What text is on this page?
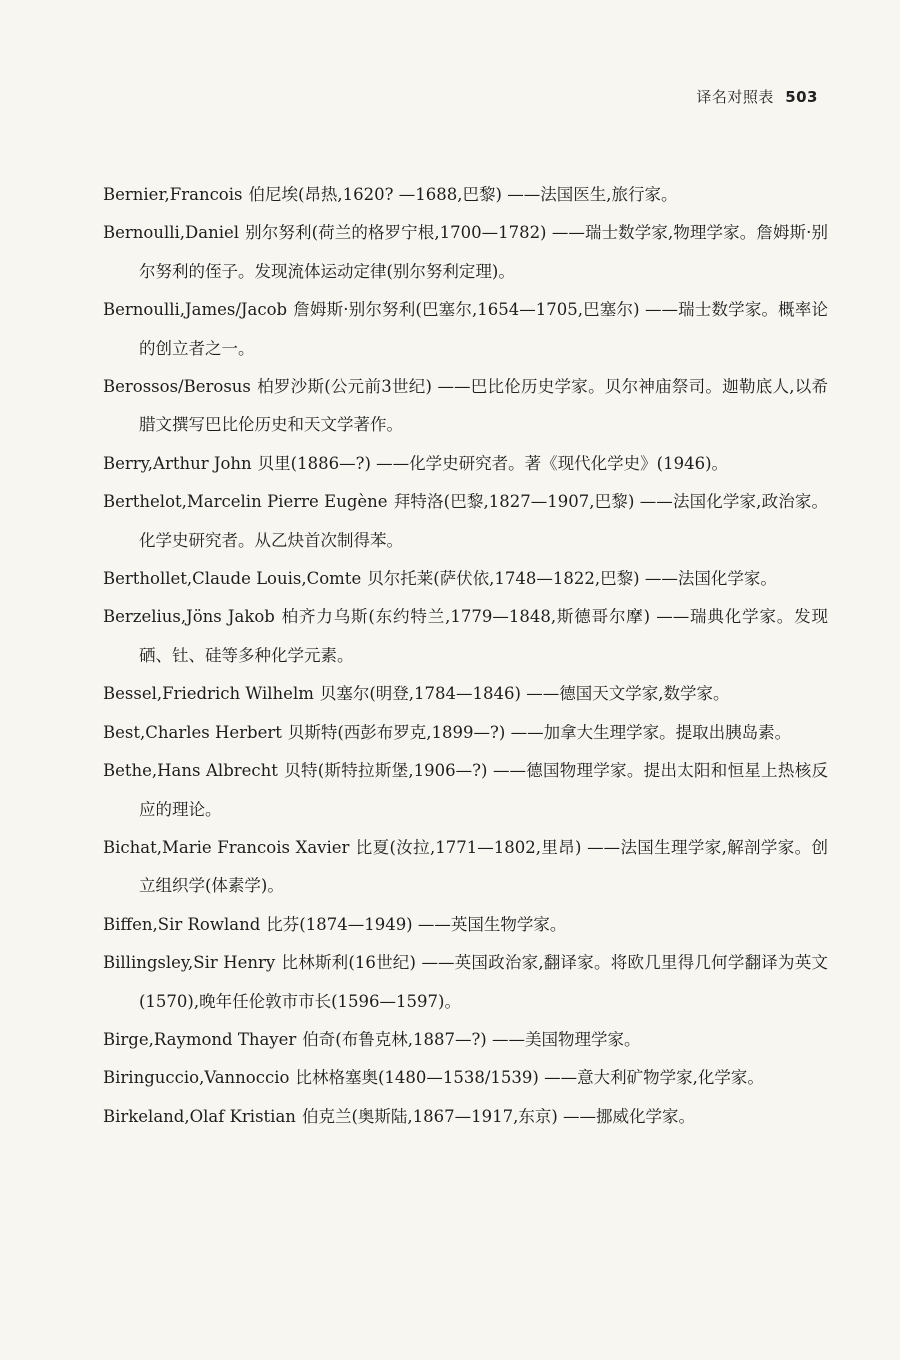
译名对照表 503
Bernier,Francois 伯尼埃(昂热,1620? —1688,巴黎) ——法国医生,旅行家。
Bernoulli,Daniel 别尔努利(荷兰的格罗宁根,1700—1782) ——瑞士数学家,物理学家。詹姆斯·别尔努利的侄子。发现流体运动定律(别尔努利定理)。
Bernoulli,James/Jacob 詹姆斯·别尔努利(巴塞尔,1654—1705,巴塞尔) ——瑞士数学家。概率论的创立者之一。
Berossos/Berosus 柏罗沙斯(公元前3世纪) ——巴比伦历史学家。贝尔神庙祭司。迦勒底人,以希腊文撰写巴比伦历史和天文学著作。
Berry,Arthur John 贝里(1886—?) ——化学史研究者。著《现代化学史》(1946)。
Berthelot,Marcelin Pierre Eugène 拜特洛(巴黎,1827—1907,巴黎) ——法国化学家,政治家。化学史研究者。从乙炔首次制得苯。
Berthollet,Claude Louis,Comte 贝尔托莱(萨伏依,1748—1822,巴黎) ——法国化学家。
Berzelius,Jöns Jakob 柏齐力乌斯(东约特兰,1779—1848,斯德哥尔摩) ——瑞典化学家。发现硒、钍、硅等多种化学元素。
Bessel,Friedrich Wilhelm 贝塞尔(明登,1784—1846) ——德国天文学家,数学家。
Best,Charles Herbert 贝斯特(西彭布罗克,1899—?) ——加拿大生理学家。提取出胰岛素。
Bethe,Hans Albrecht 贝特(斯特拉斯堡,1906—?) ——德国物理学家。提出太阳和恒星上热核反应的理论。
Bichat,Marie Francois Xavier 比夏(汝拉,1771—1802,里昂) ——法国生理学家,解剖学家。创立组织学(体素学)。
Biffen,Sir Rowland 比芬(1874—1949) ——英国生物学家。
Billingsley,Sir Henry 比林斯利(16世纪) ——英国政治家,翻译家。将欧几里得几何学翻译为英文(1570),晚年任伦敦市市长(1596—1597)。
Birge,Raymond Thayer 伯奇(布鲁克林,1887—?) ——美国物理学家。
Biringuccio,Vannoccio 比林格塞奥(1480—1538/1539) ——意大利矿物学家,化学家。
Birkeland,Olaf Kristian 伯克兰(奥斯陆,1867—1917,东京) ——挪威化学家。
